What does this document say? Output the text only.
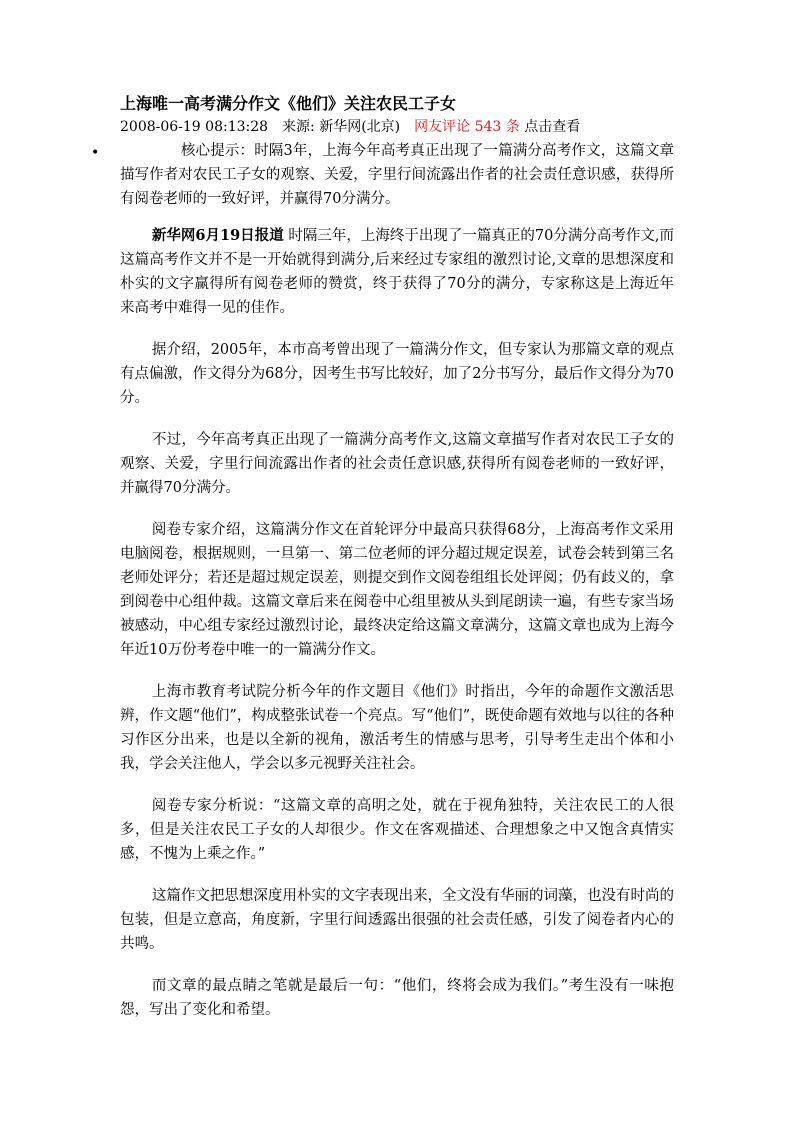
上海唯一高考满分作文《他们》关注农民工子女
2008-06-19 08:13:28 来源: 新华网(北京) 网友评论 543 条 点击查看
•	核心提示：时隔3年，上海今年高考真正出现了一篇满分高考作文，这篇文章描写作者对农民工子女的观察、关爱，字里行间流露出作者的社会责任意识感，获得所有阅卷老师的一致好评，并赢得70分满分。

新华网6月19日报道 时隔三年，上海终于出现了一篇真正的70分满分高考作文,而这篇高考作文并不是一开始就得到满分,后来经过专家组的激烈讨论,文章的思想深度和朴实的文字赢得所有阅卷老师的赞赏，终于获得了70分的满分，专家称这是上海近年来高考中难得一见的佳作。

据介绍，2005年，本市高考曾出现了一篇满分作文，但专家认为那篇文章的观点有点偏激，作文得分为68分，因考生书写比较好，加了2分书写分，最后作文得分为70分。

不过，今年高考真正出现了一篇满分高考作文,这篇文章描写作者对农民工子女的观察、关爱，字里行间流露出作者的社会责任意识感,获得所有阅卷老师的一致好评，并赢得70分满分。

阅卷专家介绍，这篇满分作文在首轮评分中最高只获得68分，上海高考作文采用电脑阅卷，根据规则，一旦第一、第二位老师的评分超过规定误差，试卷会转到第三名老师处评分；若还是超过规定误差，则提交到作文阅卷组组长处评阅；仍有歧义的，拿到阅卷中心组仲裁。这篇文章后来在阅卷中心组里被从头到尾朗读一遍，有些专家当场被感动，中心组专家经过激烈讨论，最终决定给这篇文章满分，这篇文章也成为上海今年近10万份考卷中唯一的一篇满分作文。

上海市教育考试院分析今年的作文题目《他们》时指出，今年的命题作文激活思辨，作文题“他们”，构成整张试卷一个亮点。写“他们”，既使命题有效地与以往的各种习作区分出来，也是以全新的视角，激活考生的情感与思考，引导考生走出个体和小我，学会关注他人，学会以多元视野关注社会。

阅卷专家分析说：“这篇文章的高明之处，就在于视角独特，关注农民工的人很多，但是关注农民工子女的人却很少。作文在客观描述、合理想象之中又饱含真情实感，不愧为上乘之作。”

这篇作文把思想深度用朴实的文字表现出来，全文没有华丽的词藻，也没有时尚的包装，但是立意高，角度新，字里行间透露出很强的社会责任感，引发了阅卷者内心的共鸣。

而文章的最点睛之笔就是最后一句：“他们，终将会成为我们。”考生没有一味抱怨，写出了变化和希望。
